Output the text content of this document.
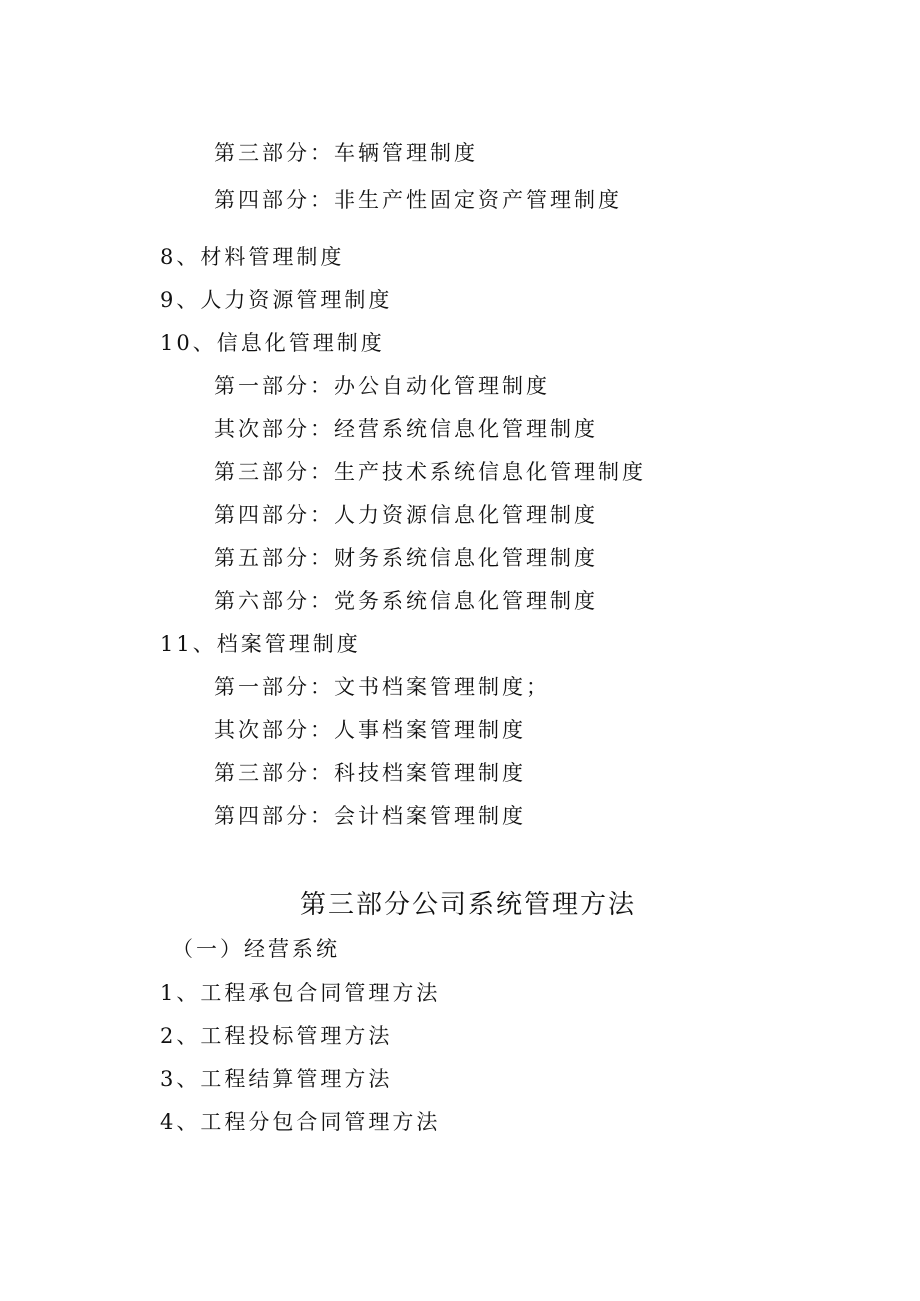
第三部分：车辆管理制度
第四部分：非生产性固定资产管理制度
8、材料管理制度
9、人力资源管理制度
10、信息化管理制度
第一部分：办公自动化管理制度
其次部分：经营系统信息化管理制度
第三部分：生产技术系统信息化管理制度
第四部分：人力资源信息化管理制度
第五部分：财务系统信息化管理制度
第六部分：党务系统信息化管理制度
11、档案管理制度
第一部分：文书档案管理制度；
其次部分：人事档案管理制度
第三部分：科技档案管理制度
第四部分：会计档案管理制度
第三部分公司系统管理方法
（一）经营系统
1、工程承包合同管理方法
2、工程投标管理方法
3、工程结算管理方法
4、工程分包合同管理方法
